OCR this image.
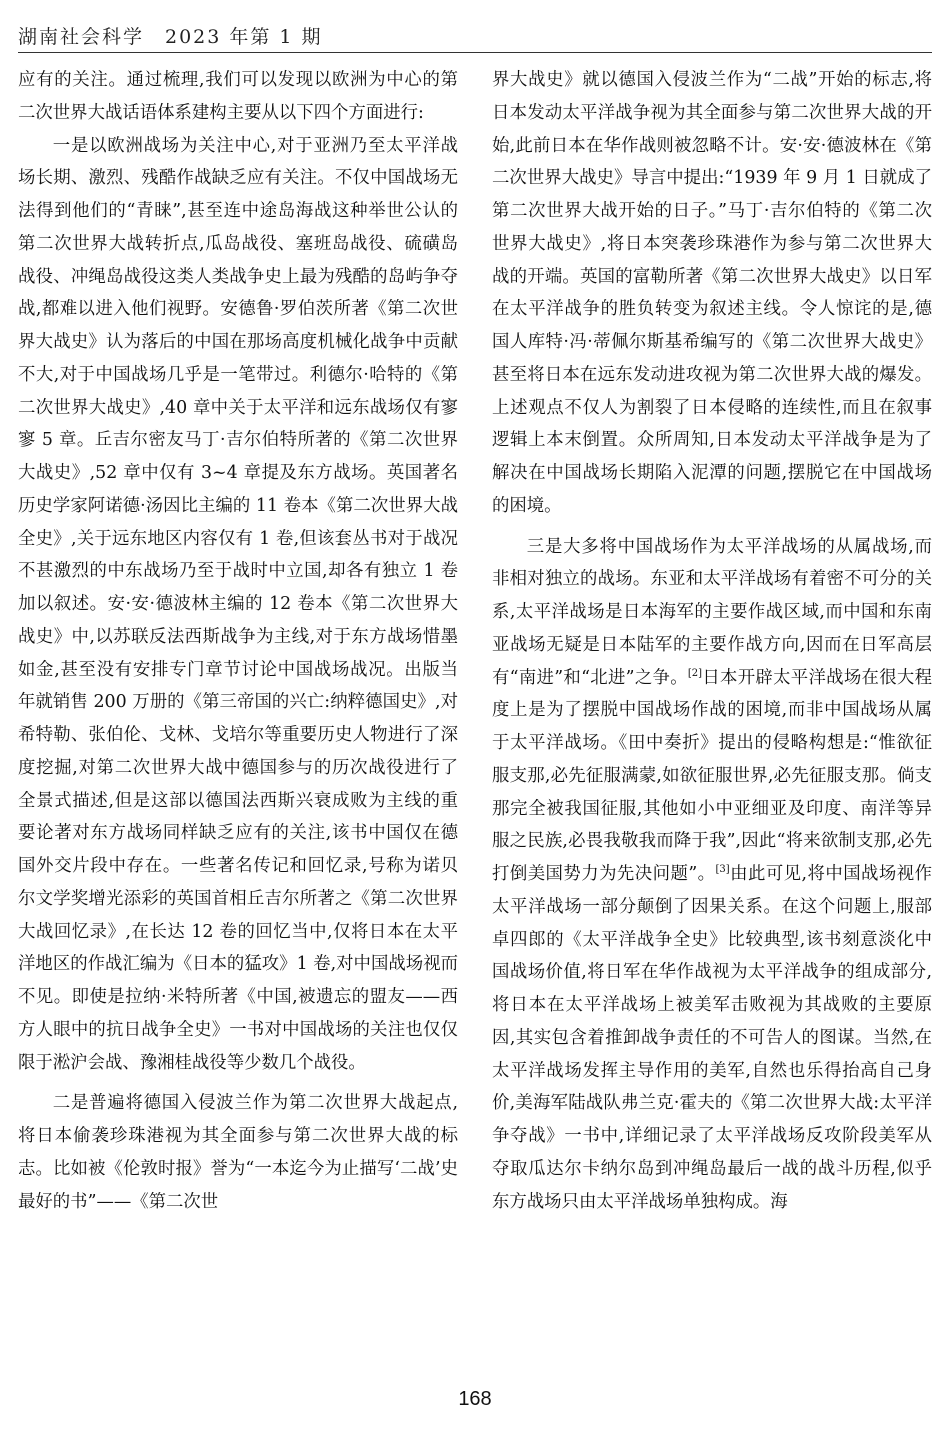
湖南社会科学　2023 年第 1 期

应有的关注。通过梳理,我们可以发现以欧洲为中心的第二次世界大战话语体系建构主要从以下四个方面进行:

一是以欧洲战场为关注中心,对于亚洲乃至太平洋战场长期、激烈、残酷作战缺乏应有关注。不仅中国战场无法得到他们的“青睐”,甚至连中途岛海战这种举世公认的第二次世界大战转折点,瓜岛战役、塞班岛战役、硫磺岛战役、冲绳岛战役这类人类战争史上最为残酷的岛屿争夺战,都难以进入他们视野。安德鲁·罗伯茨所著《第二次世界大战史》认为落后的中国在那场高度机械化战争中贡献不大,对于中国战场几乎是一笔带过。利德尔·哈特的《第二次世界大战史》,40 章中关于太平洋和远东战场仅有寥寥 5 章。丘吉尔密友马丁·吉尔伯特所著的《第二次世界大战史》,52 章中仅有 3~4 章提及东方战场。英国著名历史学家阿诺德·汤因比主编的 11 卷本《第二次世界大战全史》,关于远东地区内容仅有 1 卷,但该套丛书对于战况不甚激烈的中东战场乃至于战时中立国,却各有独立 1 卷加以叙述。安·安·德波林主编的 12 卷本《第二次世界大战史》中,以苏联反法西斯战争为主线,对于东方战场惜墨如金,甚至没有安排专门章节讨论中国战场战况。出版当年就销售 200 万册的《第三帝国的兴亡:纳粹德国史》,对希特勒、张伯伦、戈林、戈培尔等重要历史人物进行了深度挖掘,对第二次世界大战中德国参与的历次战役进行了全景式描述,但是这部以德国法西斯兴衰成败为主线的重要论著对东方战场同样缺乏应有的关注,该书中国仅在德国外交片段中存在。一些著名传记和回忆录,号称为诺贝尔文学奖增光添彩的英国首相丘吉尔所著之《第二次世界大战回忆录》,在长达 12 卷的回忆当中,仅将日本在太平洋地区的作战汇编为《日本的猛攻》1 卷,对中国战场视而不见。即使是拉纳·米特所著《中国,被遗忘的盟友——西方人眼中的抗日战争全史》一书对中国战场的关注也仅仅限于淞沪会战、豫湘桂战役等少数几个战役。

二是普遍将德国入侵波兰作为第二次世界大战起点,将日本偷袭珍珠港视为其全面参与第二次世界大战的标志。比如被《伦敦时报》誉为“一本迄今为止描写‘二战’史最好的书”——《第二次世

界大战史》就以德国入侵波兰作为“二战”开始的标志,将日本发动太平洋战争视为其全面参与第二次世界大战的开始,此前日本在华作战则被忽略不计。安·安·德波林在《第二次世界大战史》导言中提出:“1939 年 9 月 1 日就成了第二次世界大战开始的日子。”马丁·吉尔伯特的《第二次世界大战史》,将日本突袭珍珠港作为参与第二次世界大战的开端。英国的富勒所著《第二次世界大战史》以日军在太平洋战争的胜负转变为叙述主线。令人惊诧的是,德国人库特·冯·蒂佩尔斯基希编写的《第二次世界大战史》甚至将日本在远东发动进攻视为第二次世界大战的爆发。上述观点不仅人为割裂了日本侵略的连续性,而且在叙事逻辑上本末倒置。众所周知,日本发动太平洋战争是为了解决在中国战场长期陷入泥潭的问题,摆脱它在中国战场的困境。

三是大多将中国战场作为太平洋战场的从属战场,而非相对独立的战场。东亚和太平洋战场有着密不可分的关系,太平洋战场是日本海军的主要作战区域,而中国和东南亚战场无疑是日本陆军的主要作战方向,因而在日军高层有“南进”和“北进”之争。[2]日本开辟太平洋战场在很大程度上是为了摆脱中国战场作战的困境,而非中国战场从属于太平洋战场。《田中奏折》提出的侵略构想是:“惟欲征服支那,必先征服满蒙,如欲征服世界,必先征服支那。倘支那完全被我国征服,其他如小中亚细亚及印度、南洋等异服之民族,必畏我敬我而降于我”,因此“将来欲制支那,必先打倒美国势力为先决问题”。[3]由此可见,将中国战场视作太平洋战场一部分颠倒了因果关系。在这个问题上,服部卓四郎的《太平洋战争全史》比较典型,该书刻意淡化中国战场价值,将日军在华作战视为太平洋战争的组成部分,将日本在太平洋战场上被美军击败视为其战败的主要原因,其实包含着推卸战争责任的不可告人的图谋。当然,在太平洋战场发挥主导作用的美军,自然也乐得抬高自己身价,美海军陆战队弗兰克·霍夫的《第二次世界大战:太平洋争夺战》一书中,详细记录了太平洋战场反攻阶段美军从夺取瓜达尔卡纳尔岛到冲绳岛最后一战的战斗历程,似乎东方战场只由太平洋战场单独构成。海

168
